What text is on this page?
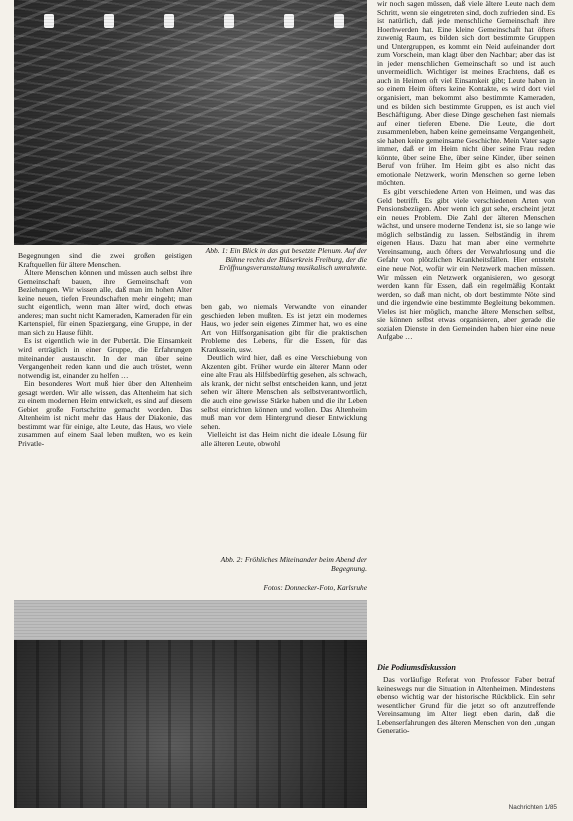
Abb. 1: Ein Blick in das gut besetzte Plenum. Auf der Bühne rechts der Bläserkreis Freiburg, der die Eröffnungsveranstaltung musikalisch umrahmte.

Begegnungen sind die zwei großen geistigen Kraftquellen für ältere Menschen.

Ältere Menschen können und müssen auch selbst ihre Gemeinschaft bauen, ihre Gemeinschaft von Beziehungen. Wir wissen alle, daß man im hohen Alter keine neuen, tiefen Freundschaften mehr eingeht; man sucht eigentlich, wenn man älter wird, doch etwas anderes; man sucht nicht Kameraden, Kameraden für ein Kartenspiel, für einen Spaziergang, eine Gruppe, in der man sich zu Hause fühlt.

Es ist eigentlich wie in der Pubertät. Die Einsamkeit wird erträglich in einer Gruppe, die Erfahrungen miteinander austauscht. In der man über seine Vergangenheit reden kann und die auch tröstet, wenn notwendig ist, einander zu helfen …

Ein besonderes Wort muß hier über den Altenheim gesagt werden. Wir alle wissen, das Altenheim hat sich zu einem modernen Heim entwickelt, es sind auf diesem Gebiet große Fortschritte gemacht worden. Das Altenheim ist nicht mehr das Haus der Diakonie, das bestimmt war für einige, alte Leute, das Haus, wo viele zusammen auf einem Saal leben mußten, wo es kein Privatle-

ben gab, wo niemals Verwandte von einander geschieden leben mußten. Es ist jetzt ein modernes Haus, wo jeder sein eigenes Zimmer hat, wo es eine Art von Hilfsorganisation gibt für die praktischen Probleme des Lebens, für die Essen, für das Krankssein, usw.

Deutlich wird hier, daß es eine Verschiebung von Akzenten gibt. Früher wurde ein älterer Mann oder eine alte Frau als Hilfsbedürftig gesehen, als schwach, als krank, der nicht selbst entscheiden kann, und jetzt sehen wir ältere Menschen als selbstverantwortlich, die auch eine gewisse Stärke haben und die ihr Leben selbst einrichten können und wollen. Das Altenheim muß man vor dem Hintergrund dieser Entwicklung sehen.

Vielleicht ist das Heim nicht die ideale Lösung für alle älteren Leute, obwohl

Abb. 2: Fröhliches Miteinander beim Abend der Begegnung.
Fotos: Donnecker-Foto, Karlsruhe

wir noch sagen müssen, daß viele ältere Leute nach dem Schritt, wenn sie eingetreten sind, doch zufrieden sind. Es ist natürlich, daß jede menschliche Gemeinschaft ihre Hoerhwerden hat. Eine kleine Gemeinschaft hat öfters zuwenig Raum, es bilden sich dort bestimmte Gruppen und Untergruppen, es kommt ein Neid aufeinander dort zum Vorschein, man klagt über den Nachbar; aber das ist in jeder menschlichen Gemeinschaft so und ist auch unvermeidlich. Wichtiger ist meines Erachtens, daß es auch in Heimen oft viel Einsamkeit gibt; Leute haben in so einem Heim öfters keine Kontakte, es wird dort viel organisiert, man bekommt also bestimmte Kameraden, und es bilden sich bestimmte Gruppen, es ist auch viel Beschäftigung. Aber diese Dinge geschehen fast niemals auf einer tieferen Ebene. Die Leute, die dort zusammenleben, haben keine gemeinsame Vergangenheit, sie haben keine gemeinsame Geschichte. Mein Vater sagte immer, daß er im Heim nicht über seine Frau reden könnte, über seine Ehe, über seine Kinder, über seinen Beruf von früher. Im Heim gibt es also nicht das emotionale Netzwerk, worin Menschen so gerne leben möchten.

Es gibt verschiedene Arten von Heimen, und was das Geld betrifft. Es gibt viele verschiedenen Arten von Pensionsbezügen. Aber wenn ich gut sehe, erscheint jetzt ein neues Problem. Die Zahl der älteren Menschen wächst, und unsere moderne Tendenz ist, sie so lange wie möglich selbständig zu lassen. Selbständig in ihrem eigenen Haus. Dazu hat man aber eine vermehrte Vereinsamung, auch öfters der Verwahrlosung und die Gefahr von plötzlichen Krankheitsfällen. Hier entsteht eine neue Not, wofür wir ein Netzwerk machen müssen. Wir müssen ein Netzwerk organisieren, wo gesorgt werden kann für Essen, daß ein regelmäßig Kontakt werden, so daß man nicht, ob dort bestimmte Nöte sind und die irgendwie eine bestimmte Begleitung bekommen. Vieles ist hier möglich, manche ältere Menschen selbst, sie können selbst etwas organisieren, aber gerade die sozialen Dienste in den Gemeinden haben hier eine neue Aufgabe …

Die Podiumsdiskussion

Das vorläufige Referat von Professor Faber betraf keineswegs nur die Situation in Altenheimen. Mindestens ebenso wichtig war der historische Rückblick. Ein sehr wesentlicher Grund für die jetzt so oft anzutreffende Vereinsamung im Alter liegt eben darin, daß die Lebenserfahrungen des älteren Menschen von den ‚ungan Generatio-

Nachrichten 1/85
